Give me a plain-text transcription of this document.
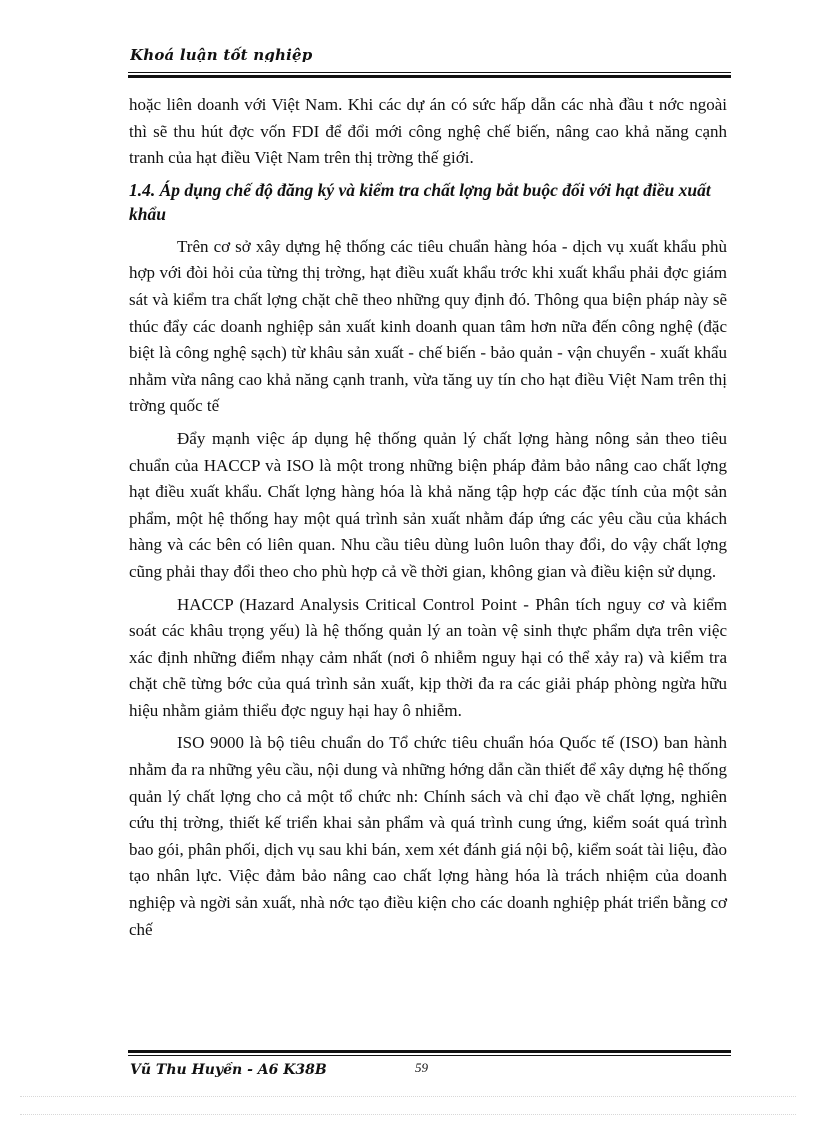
Khoá luận tốt nghiệp

hoặc liên doanh với Việt Nam. Khi các dự án có sức hấp dẫn các nhà đầu t nớc ngoài thì sẽ thu hút đợc vốn FDI để đổi mới công nghệ chế biến, nâng cao khả năng cạnh tranh của hạt điều Việt Nam trên thị trờng thế giới.

1.4. Áp dụng chế độ đăng ký và kiểm tra chất lợng bắt buộc đối với hạt điều xuất khẩu

Trên cơ sở xây dựng hệ thống các tiêu chuẩn hàng hóa - dịch vụ xuất khẩu phù hợp với đòi hỏi của từng thị trờng, hạt điều xuất khẩu trớc khi xuất khẩu phải đợc giám sát và kiểm tra chất lợng chặt chẽ theo những quy định đó. Thông qua biện pháp này sẽ thúc đẩy các doanh nghiệp sản xuất kinh doanh quan tâm hơn nữa đến công nghệ (đặc biệt là công nghệ sạch) từ khâu sản xuất - chế biến - bảo quản - vận chuyển - xuất khẩu nhằm vừa nâng cao khả năng cạnh tranh, vừa tăng uy tín cho hạt điều Việt Nam trên thị trờng quốc tế

Đẩy mạnh việc áp dụng hệ thống quản lý chất lợng hàng nông sản theo tiêu chuẩn của HACCP và ISO là một trong những biện pháp đảm bảo nâng cao chất lợng hạt điều xuất khẩu. Chất lợng hàng hóa là khả năng tập hợp các đặc tính của một sản phẩm, một hệ thống hay một quá trình sản xuất nhằm đáp ứng các yêu cầu của khách hàng và các bên có liên quan. Nhu cầu tiêu dùng luôn luôn thay đổi, do vậy chất lợng cũng phải thay đổi theo cho phù hợp cả về thời gian, không gian và điều kiện sử dụng.

HACCP (Hazard Analysis Critical Control Point - Phân tích nguy cơ và kiểm soát các khâu trọng yếu) là hệ thống quản lý an toàn vệ sinh thực phẩm dựa trên việc xác định những điểm nhạy cảm nhất (nơi ô nhiễm nguy hại có thể xảy ra) và kiểm tra chặt chẽ từng bớc của quá trình sản xuất, kịp thời đa ra các giải pháp phòng ngừa hữu hiệu nhằm giảm thiểu đợc nguy hại hay ô nhiễm.

ISO 9000 là bộ tiêu chuẩn do Tổ chức tiêu chuẩn hóa Quốc tế (ISO) ban hành nhằm đa ra những yêu cầu, nội dung và những hớng dẫn cần thiết để xây dựng hệ thống quản lý chất lợng cho cả một tổ chức nh: Chính sách và chỉ đạo về chất lợng, nghiên cứu thị trờng, thiết kế triển khai sản phẩm và quá trình cung ứng, kiểm soát quá trình bao gói, phân phối, dịch vụ sau khi bán, xem xét đánh giá nội bộ, kiểm soát tài liệu, đào tạo nhân lực. Việc đảm bảo nâng cao chất lợng hàng hóa là trách nhiệm của doanh nghiệp và ngời sản xuất, nhà nớc tạo điều kiện cho các doanh nghiệp phát triển bằng cơ chế

Vũ Thu Huyền - A6 K38B	59
